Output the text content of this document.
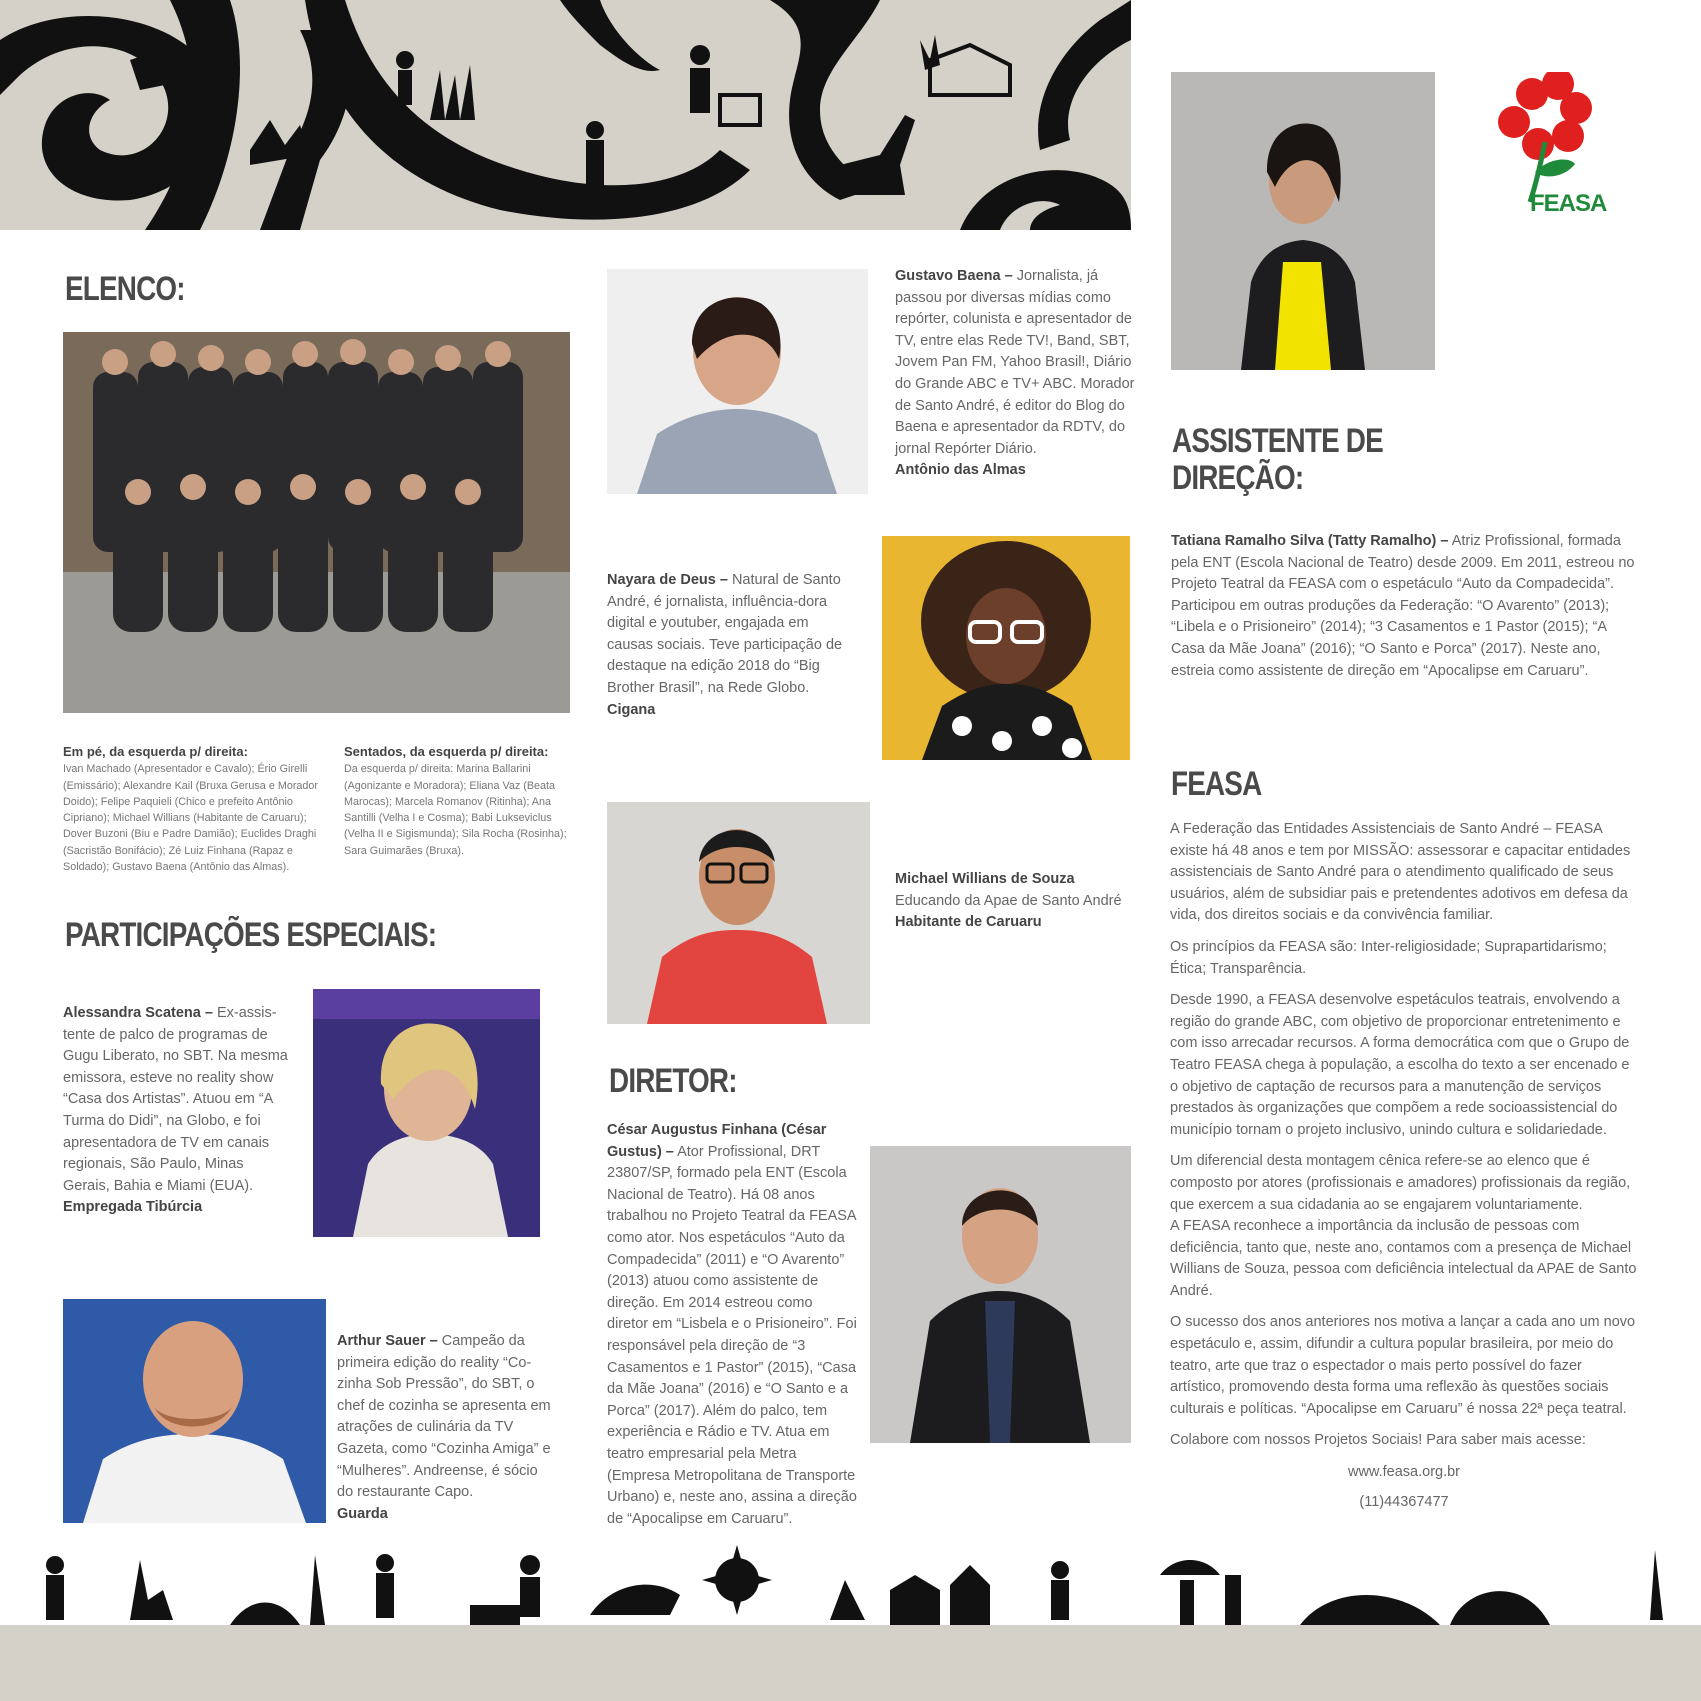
FEASA
ELENCO:
Em pé, da esquerda p/ direita:
Ivan Machado (Apresentador e Cavalo); Ério Girelli (Emissário); Alexandre Kail (Bruxa Gerusa e Morador Doido); Felipe Paquieli (Chico e prefeito Antônio Cipriano); Michael Willians (Habitante de Caruaru); Dover Buzoni (Biu e Padre Damião); Euclides Draghi (Sacristão Bonifácio); Zé Luiz Finhana (Rapaz e Soldado); Gustavo Baena (Antônio das Almas).
Sentados, da esquerda p/ direita:
Da esquerda p/ direita: Marina Ballarini (Agonizante e Moradora); Eliana Vaz (Beata Marocas); Marcela Romanov (Ritinha); Ana Santilli (Velha I e Cosma); Babi Lukseviclus (Velha II e Sigismunda); Sila Rocha (Rosinha); Sara Guimarães (Bruxa).
PARTICIPAÇÕES ESPECIAIS:
Alessandra Scatena – Ex-assis-tente de palco de programas de Gugu Liberato, no SBT. Na mesma emissora, esteve no reality show “Casa dos Artistas”. Atuou em “A Turma do Didi”, na Globo, e foi apresentadora de TV em canais regionais, São Paulo, Minas Gerais, Bahia e Miami (EUA).
Empregada Tibúrcia
Arthur Sauer – Campeão da primeira edição do reality “Co-zinha Sob Pressão”, do SBT, o chef de cozinha se apresenta em atrações de culinária da TV Gazeta, como “Cozinha Amiga” e “Mulheres”. Andreense, é sócio do restaurante Capo.
Guarda
Gustavo Baena – Jornalista, já passou por diversas mídias como repórter, colunista e apresentador de TV, entre elas Rede TV!, Band, SBT, Jovem Pan FM, Yahoo Brasil!, Diário do Grande ABC e TV+ ABC. Morador de Santo André, é editor do Blog do Baena e apresentador da RDTV, do jornal Repórter Diário.
Antônio das Almas
Nayara de Deus – Natural de Santo André, é jornalista, influência-dora digital e youtuber, engajada em causas sociais. Teve participação de destaque na edição 2018 do “Big Brother Brasil”, na Rede Globo.
Cigana
Michael Willians de Souza
Educando da Apae de Santo André
Habitante de Caruaru
DIRETOR:
César Augustus Finhana (César Gustus) – Ator Profissional, DRT 23807/SP, formado pela ENT (Escola Nacional de Teatro). Há 08 anos trabalhou no Projeto Teatral da FEASA como ator. Nos espetáculos “Auto da Compadecida” (2011) e “O Avarento” (2013) atuou como assistente de direção. Em 2014 estreou como diretor em “Lisbela e o Prisioneiro”. Foi responsável pela direção de “3 Casamentos e 1 Pastor” (2015), “Casa da Mãe Joana” (2016) e “O Santo e a Porca” (2017). Além do palco, tem experiência e Rádio e TV. Atua em teatro empresarial pela Metra (Empresa Metropolitana de Transporte Urbano) e, neste ano, assina a direção de “Apocalipse em Caruaru”.
ASSISTENTE DE
DIREÇÃO:
Tatiana Ramalho Silva (Tatty Ramalho) – Atriz Profissional, formada pela ENT (Escola Nacional de Teatro) desde 2009. Em 2011, estreou no Projeto Teatral da FEASA com o espetáculo “Auto da Compadecida”. Participou em outras produções da Federação: “O Avarento” (2013); “Libela e o Prisioneiro” (2014); “3 Casamentos e 1 Pastor (2015); “A Casa da Mãe Joana” (2016); “O Santo e Porca” (2017). Neste ano, estreia como assistente de direção em “Apocalipse em Caruaru”.
FEASA
A Federação das Entidades Assistenciais de Santo André – FEASA existe há 48 anos e tem por MISSÃO: assessorar e capacitar entidades assistenciais de Santo André para o atendimento qualificado de seus usuários, além de subsidiar pais e pretendentes adotivos em defesa da vida, dos direitos sociais e da convivência familiar.
Os princípios da FEASA são: Inter-religiosidade; Suprapartidarismo; Ética; Transparência.
Desde 1990, a FEASA desenvolve espetáculos teatrais, envolvendo a região do grande ABC, com objetivo de proporcionar entretenimento e com isso arrecadar recursos. A forma democrática com que o Grupo de Teatro FEASA chega à população, a escolha do texto a ser encenado e o objetivo de captação de recursos para a manutenção de serviços prestados às organizações que compõem a rede socioassistencial do município tornam o projeto inclusivo, unindo cultura e solidariedade.
Um diferencial desta montagem cênica refere-se ao elenco que é composto por atores (profissionais e amadores) profissionais da região, que exercem a sua cidadania ao se engajarem voluntariamente.
A FEASA reconhece a importância da inclusão de pessoas com deficiência, tanto que, neste ano, contamos com a presença de Michael Willians de Souza, pessoa com deficiência intelectual da APAE de Santo André.
O sucesso dos anos anteriores nos motiva a lançar a cada ano um novo espetáculo e, assim, difundir a cultura popular brasileira, por meio do teatro, arte que traz o espectador o mais perto possível do fazer artístico, promovendo desta forma uma reflexão às questões sociais culturais e políticas. “Apocalipse em Caruaru” é nossa 22ª peça teatral.
Colabore com nossos Projetos Sociais! Para saber mais acesse:
www.feasa.org.br
(11)44367477
